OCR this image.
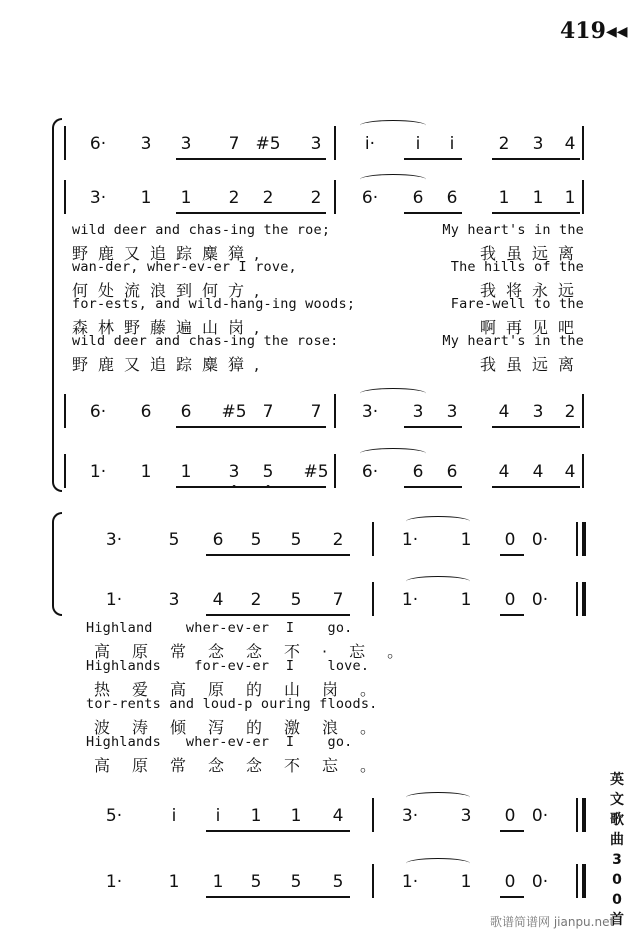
419◀◀
6· 3 3 7 #5 3	i· i i	2 3 4
3· 1 1 2 2 2 6· 6 6 1 1 1
wild deer and chas-ing the roe;	My heart's in the
野鹿又追踪麋獐,	我虽远离
wan-der, wher-ev-er I rove,	The hills of the
何处流浪到何方,	我将永远
for-ests, and wild-hang-ing woods;	Fare-well to the
森林野藤遍山岗,	啊再见吧
wild deer and chas-ing the rose:	My heart's in the
野鹿又追踪麋獐,	我虽远离
6· 6 6 #5 7 7 3· 3 3 4 3 2
1· 1 1 3 5 #5 6· 6 6 4 4 4
3·	5 6 5 5 2	1· 1 0 0·
1·	3 4 2 5 7	1· 1 0 0·
Highland    wher-ev-er  I    go.
高原常念念不·忘。
Highlands    for-ev-er  I    love.
热爱高原的山岗。
tor-rents and loud-p ouring floods.
波涛倾泻的激浪。
Highlands   wher-ev-er  I    go.
高原常念念不忘。
5·	i i 1 1 4	3· 3 0 0·
1·	1 1 5 5 5	1· 1 0 0·
英
文
歌
曲
3
0
0
首
歌谱简谱网 jianpu.net
